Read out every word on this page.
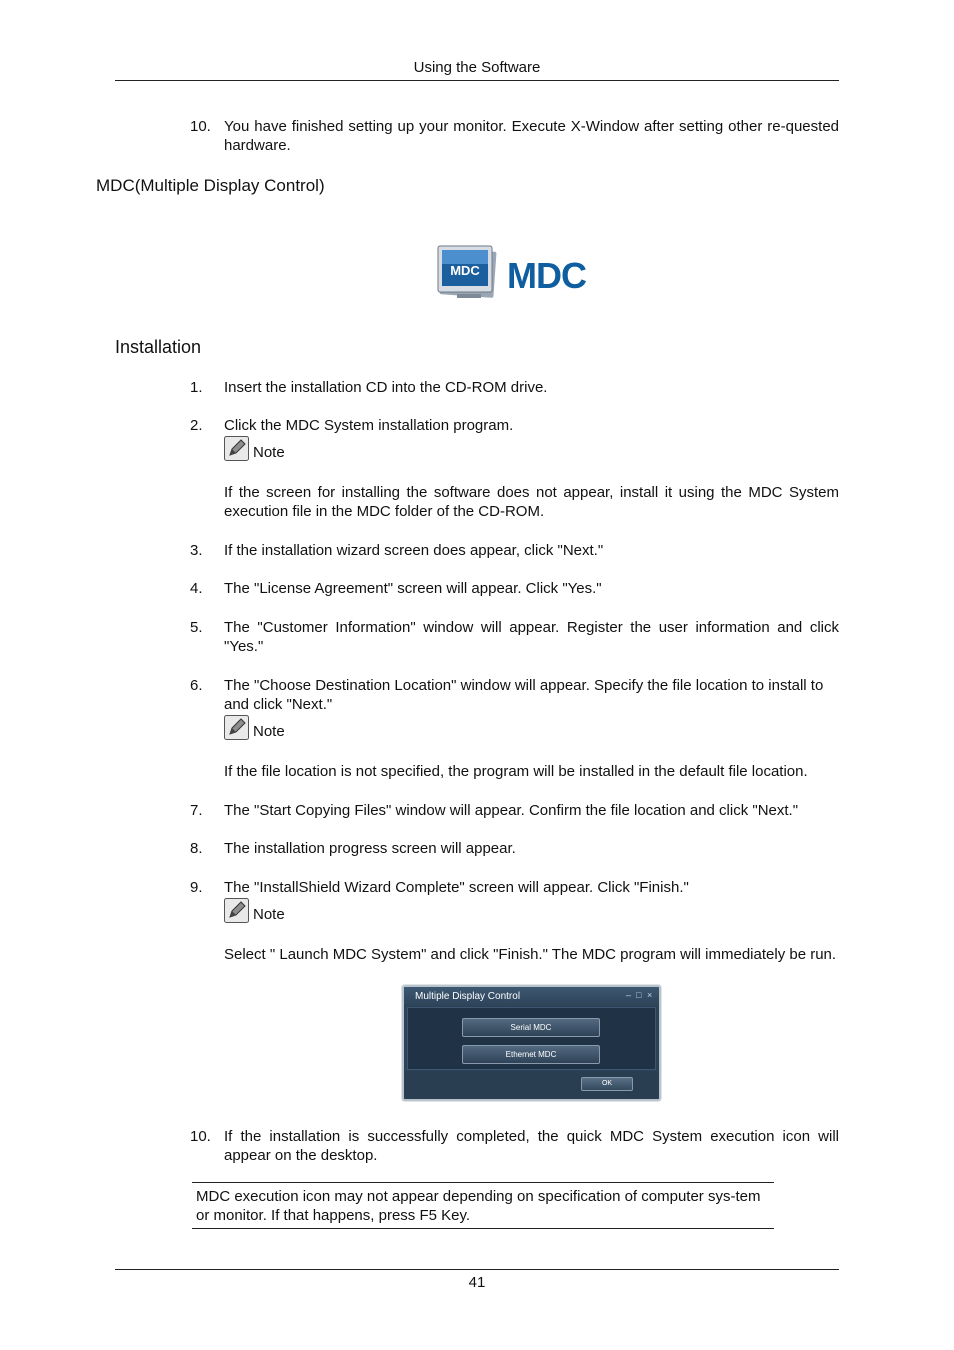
Using the Software
10. You have finished setting up your monitor. Execute X-Window after setting other re-quested hardware.
MDC(Multiple Display Control)
MDC MDC
Installation
1.	Insert the installation CD into the CD-ROM drive.
2.	Click the MDC System installation program.
Note
If the screen for installing the software does not appear, install it using the MDC System execution file in the MDC folder of the CD-ROM.
3.	If the installation wizard screen does appear, click "Next."
4.	The "License Agreement" screen will appear. Click "Yes."
5.	The "Customer Information" window will appear. Register the user information and click "Yes."
6.	The "Choose Destination Location" window will appear. Specify the file location to install to and click "Next."
Note
If the file location is not specified, the program will be installed in the default file location.
7.	The "Start Copying Files" window will appear. Confirm the file location and click "Next."
8.	The installation progress screen will appear.
9.	The "InstallShield Wizard Complete" screen will appear. Click "Finish."
Note
Select " Launch MDC System" and click "Finish." The MDC program will immediately be run.
Multiple Display Control	– □ ×
Serial MDC
Ethernet MDC
OK
10. If the installation is successfully completed, the quick MDC System execution icon will appear on the desktop.
MDC execution icon may not appear depending on specification of computer sys-tem or monitor. If that happens, press F5 Key.
41
